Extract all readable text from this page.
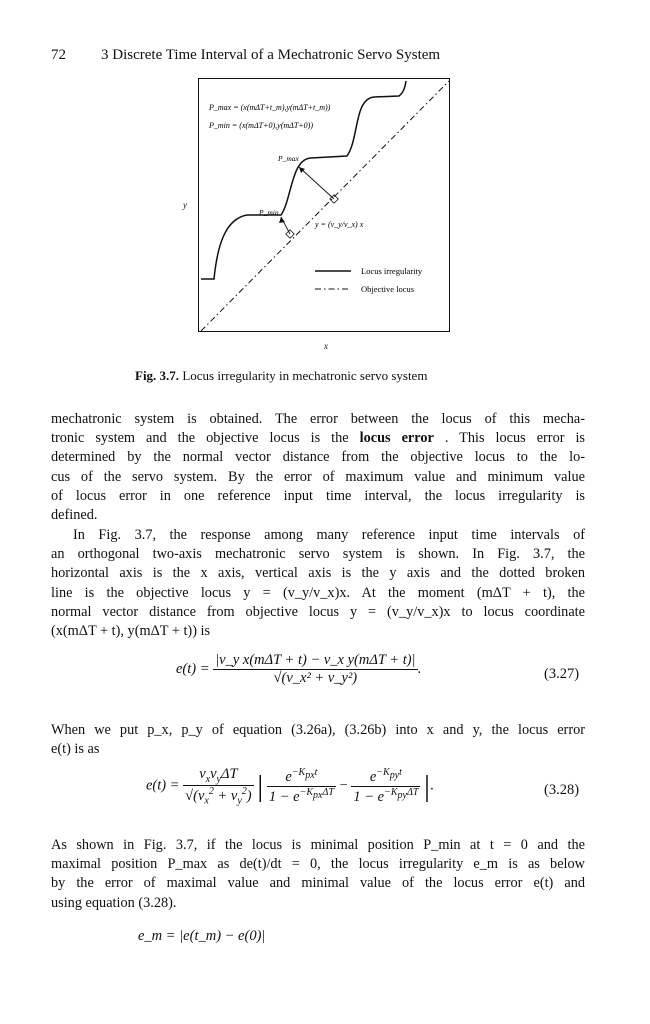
72 3 Discrete Time Interval of a Mechatronic Servo System
P_max = (x(mΔT+t_m),y(mΔT+t_m))
P_min = (x(mΔT+0),y(mΔT+0))
P_max
P_min
y = (v_y/v_x) x
Locus irregularity
Objective locus
y
x
Fig. 3.7. Locus irregularity in mechatronic servo system
mechatronic system is obtained. The error between the locus of this mecha-
tronic system and the objective locus is the locus error . This locus error is
determined by the normal vector distance from the objective locus to the lo-
cus of the servo system. By the error of maximum value and minimum value
of locus error in one reference input time interval, the locus irregularity is
defined.
In Fig. 3.7, the response among many reference input time intervals of
an orthogonal two-axis mechatronic servo system is shown. In Fig. 3.7, the
horizontal axis is the x axis, vertical axis is the y axis and the dotted broken
line is the objective locus y = (v_y/v_x)x. At the moment (mΔT + t), the
normal vector distance from objective locus y = (v_y/v_x)x to locus coordinate
(x(mΔT + t), y(mΔT + t)) is
$e(t) = \frac{\text{|v\_y x(mΔT + t) − v\_x y(mΔT + t)|}}{\text{√(v\_x² + v\_y²)}}$ .	(3.27)
When we put p_x, p_y of equation (3.26a), (3.26b) into x and y, the locus error
e(t) is as
$e(t) = \frac{v_xv_y\Delta T}{√(v_x^2 + v_y^2)}$ | $\frac{e^{-K_{px}t}}{1 - e^{-K_{px}\Delta T}} - \frac{e^{-K_{py}t}}{1 - e^{-K_{py}\Delta T}}$ |.	(3.28)
As shown in Fig. 3.7, if the locus is minimal position P_min at t = 0 and the
maximal position P_max as de(t)/dt = 0, the locus irregularity e_m is as below
by the error of maximal value and minimal value of the locus error e(t) and
using equation (3.28).
e_m = |e(t_m) − e(0)|
